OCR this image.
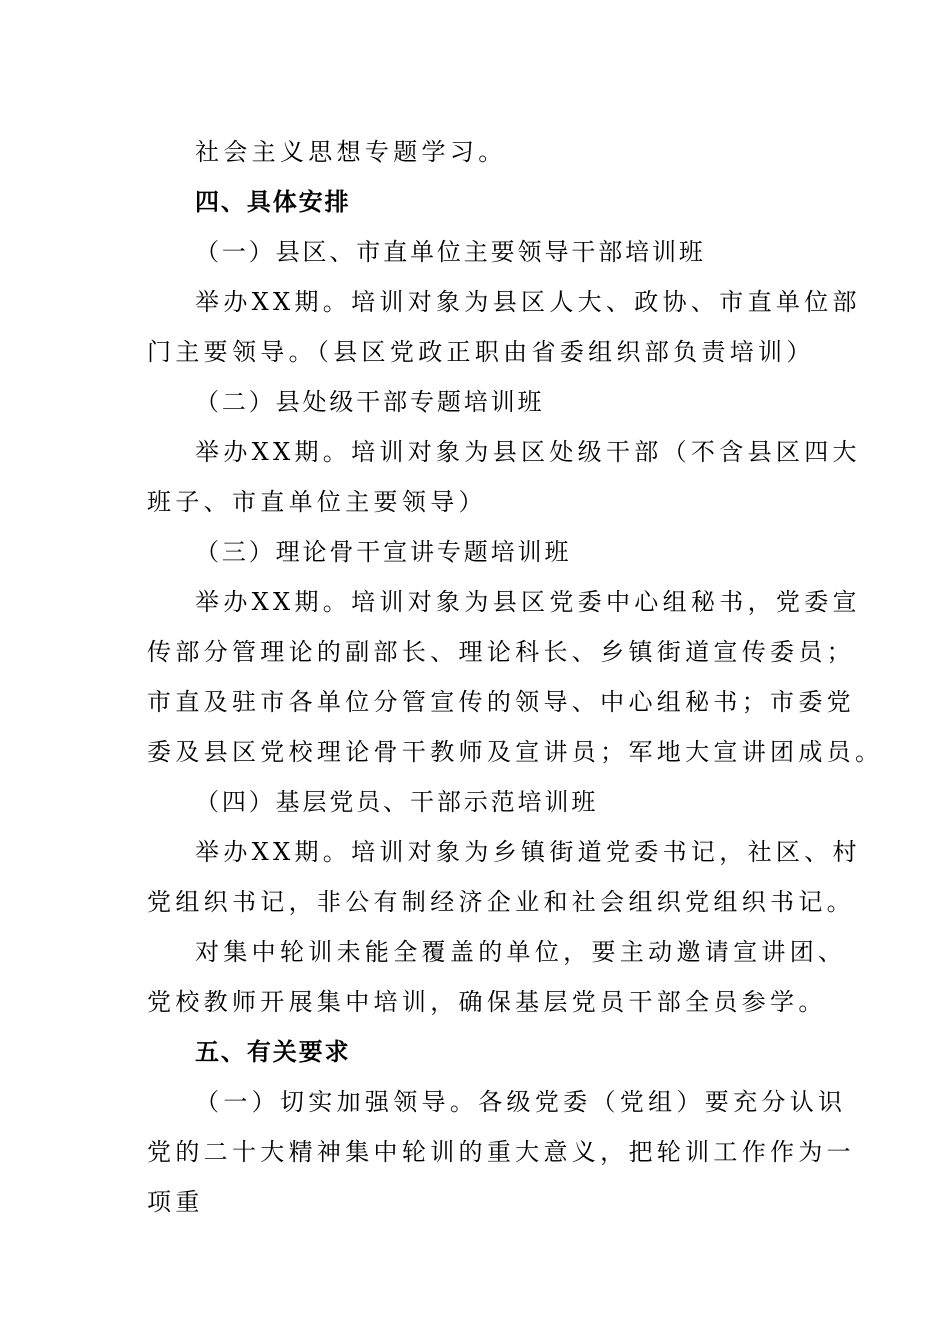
社会主义思想专题学习。
四、具体安排
（一）县区、市直单位主要领导干部培训班
举办XX期。培训对象为县区人大、政协、市直单位部
门主要领导。（县区党政正职由省委组织部负责培训）
（二）县处级干部专题培训班
举办XX期。培训对象为县区处级干部（不含县区四大
班子、市直单位主要领导）
（三）理论骨干宣讲专题培训班
举办XX期。培训对象为县区党委中心组秘书，党委宣
传部分管理论的副部长、理论科长、乡镇街道宣传委员；
市直及驻市各单位分管宣传的领导、中心组秘书；市委党
委及县区党校理论骨干教师及宣讲员；军地大宣讲团成员。
（四）基层党员、干部示范培训班
举办XX期。培训对象为乡镇街道党委书记，社区、村
党组织书记，非公有制经济企业和社会组织党组织书记。
对集中轮训未能全覆盖的单位，要主动邀请宣讲团、
党校教师开展集中培训，确保基层党员干部全员参学。
五、有关要求
（一）切实加强领导。各级党委（党组）要充分认识
党的二十大精神集中轮训的重大意义，把轮训工作作为一
项重
